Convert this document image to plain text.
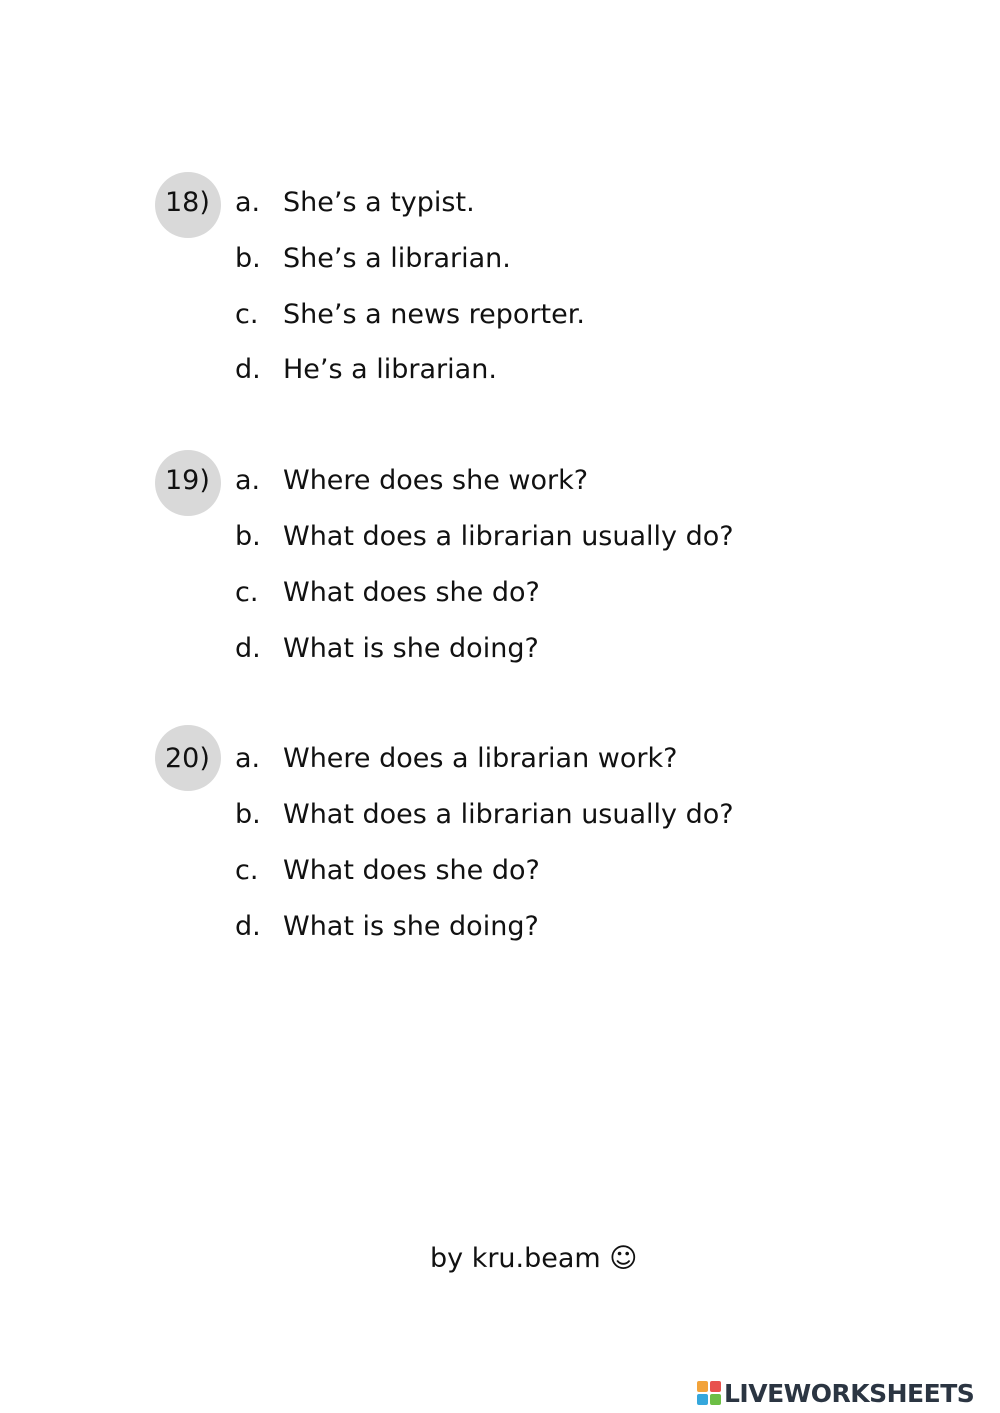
18) a. She’s a typist.
b. She’s a librarian.
c. She’s a news reporter.
d. He’s a librarian.
19) a. Where does she work?
b. What does a librarian usually do?
c. What does she do?
d. What is she doing?
20) a. Where does a librarian work?
b. What does a librarian usually do?
c. What does she do?
d. What is she doing?
by kru.beam ☺
LIVEWORKSHEETS
